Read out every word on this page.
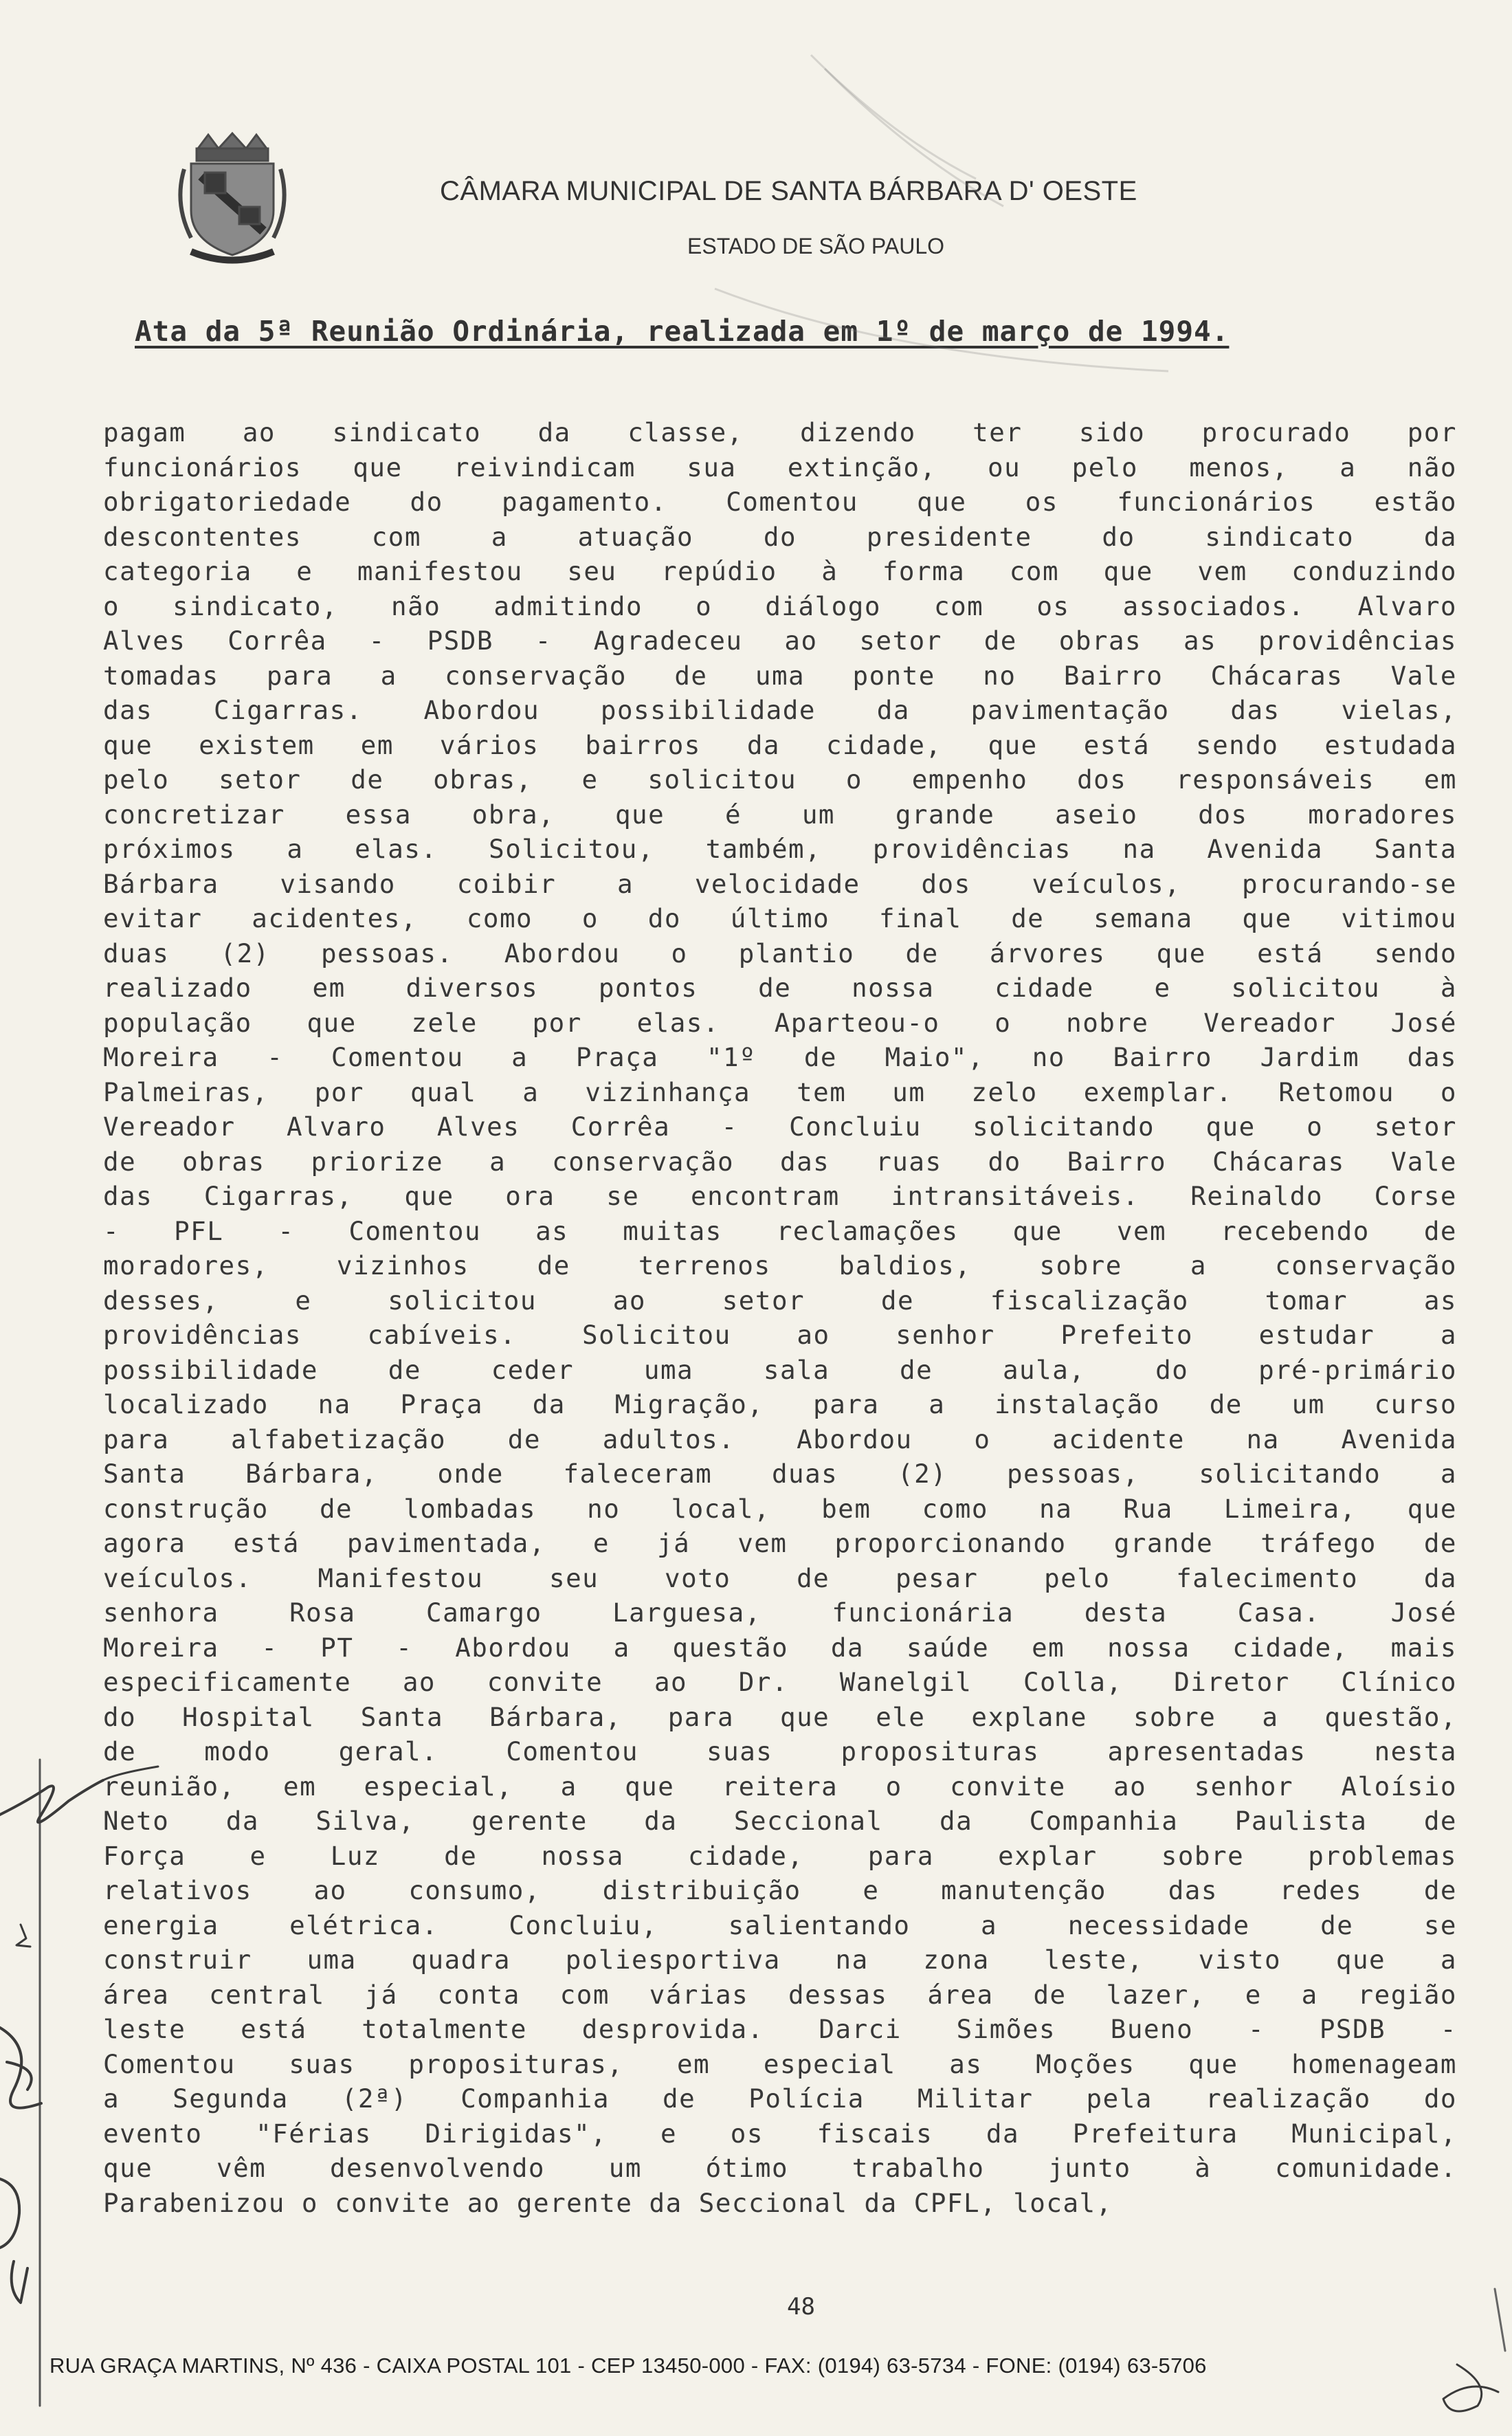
CÂMARA MUNICIPAL DE SANTA BÁRBARA D' OESTE
ESTADO DE SÃO PAULO
Ata da 5ª Reunião Ordinária, realizada em 1º de março de 1994.
pagam ao sindicato da classe, dizendo ter sido procurado por
funcionários que reivindicam sua extinção, ou pelo menos, a não
obrigatoriedade do pagamento. Comentou que os funcionários estão
descontentes com a atuação do presidente do sindicato da
categoria e manifestou seu repúdio à forma com que vem conduzindo
o sindicato, não admitindo o diálogo com os associados. Alvaro
Alves Corrêa - PSDB - Agradeceu ao setor de obras as providências
tomadas para a conservação de uma ponte no Bairro Chácaras Vale
das Cigarras. Abordou possibilidade da pavimentação das vielas,
que existem em vários bairros da cidade, que está sendo estudada
pelo setor de obras, e solicitou o empenho dos responsáveis em
concretizar essa obra, que é um grande aseio dos moradores
próximos a elas. Solicitou, também, providências na Avenida Santa
Bárbara visando coibir a velocidade dos veículos, procurando-se
evitar acidentes, como o do último final de semana que vitimou
duas (2) pessoas. Abordou o plantio de árvores que está sendo
realizado em diversos pontos de nossa cidade e solicitou à
população que zele por elas. Aparteou-o o nobre Vereador José
Moreira - Comentou a Praça "1º de Maio", no Bairro Jardim das
Palmeiras, por qual a vizinhança tem um zelo exemplar. Retomou o
Vereador Alvaro Alves Corrêa - Concluiu solicitando que o setor
de obras priorize a conservação das ruas do Bairro Chácaras Vale
das Cigarras, que ora se encontram intransitáveis. Reinaldo Corse
- PFL - Comentou as muitas reclamações que vem recebendo de
moradores, vizinhos de terrenos baldios, sobre a conservação
desses, e solicitou ao setor de fiscalização tomar as
providências cabíveis. Solicitou ao senhor Prefeito estudar a
possibilidade de ceder uma sala de aula, do pré-primário
localizado na Praça da Migração, para a instalação de um curso
para alfabetização de adultos. Abordou o acidente na Avenida
Santa Bárbara, onde faleceram duas (2) pessoas, solicitando a
construção de lombadas no local, bem como na Rua Limeira, que
agora está pavimentada, e já vem proporcionando grande tráfego de
veículos. Manifestou seu voto de pesar pelo falecimento da
senhora Rosa Camargo Larguesa, funcionária desta Casa. José
Moreira - PT - Abordou a questão da saúde em nossa cidade, mais
especificamente ao convite ao Dr. Wanelgil Colla, Diretor Clínico
do Hospital Santa Bárbara, para que ele explane sobre a questão,
de modo geral. Comentou suas proposituras apresentadas nesta
reunião, em especial, a que reitera o convite ao senhor Aloísio
Neto da Silva, gerente da Seccional da Companhia Paulista de
Força e Luz de nossa cidade, para explar sobre problemas
relativos ao consumo, distribuição e manutenção das redes de
energia elétrica. Concluiu, salientando a necessidade de se
construir uma quadra poliesportiva na zona leste, visto que a
área central já conta com várias dessas área de lazer, e a região
leste está totalmente desprovida. Darci Simões Bueno - PSDB -
Comentou suas proposituras, em especial as Moções que homenageam
a Segunda (2ª) Companhia de Polícia Militar pela realização do
evento "Férias Dirigidas", e os fiscais da Prefeitura Municipal,
que vêm desenvolvendo um ótimo trabalho junto à comunidade.
Parabenizou o convite ao gerente da Seccional da CPFL, local,
48
RUA GRAÇA MARTINS, Nº 436 - CAIXA POSTAL 101 - CEP 13450-000 - FAX: (0194) 63-5734 - FONE: (0194) 63-5706
